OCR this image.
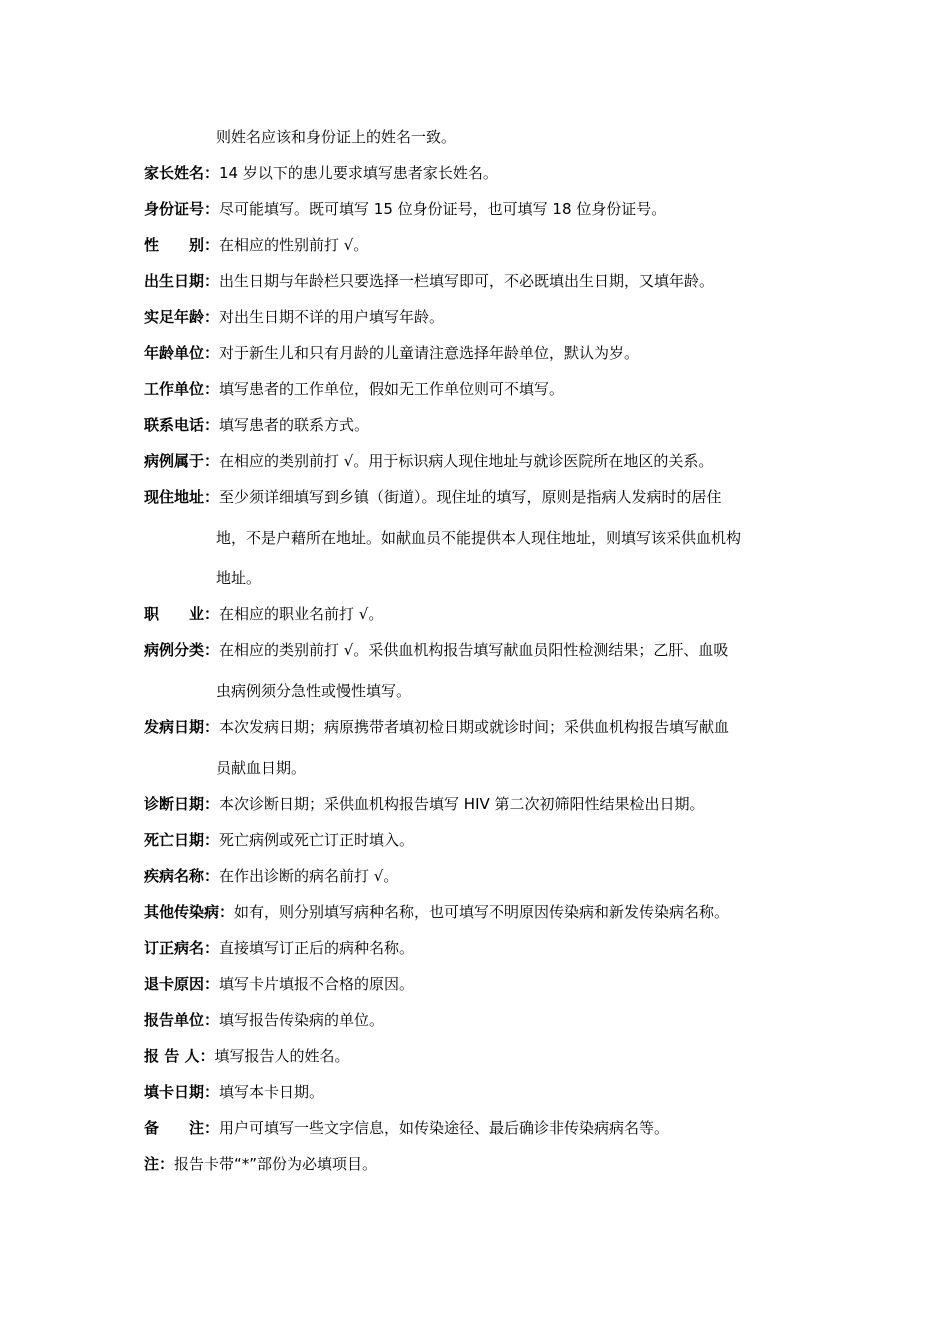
则姓名应该和身份证上的姓名一致。
家长姓名：14 岁以下的患儿要求填写患者家长姓名。
身份证号：尽可能填写。既可填写 15 位身份证号，也可填写 18 位身份证号。
性　　别：在相应的性别前打 √。
出生日期：出生日期与年龄栏只要选择一栏填写即可，不必既填出生日期，又填年龄。
实足年龄：对出生日期不详的用户填写年龄。
年龄单位：对于新生儿和只有月龄的儿童请注意选择年龄单位，默认为岁。
工作单位：填写患者的工作单位，假如无工作单位则可不填写。
联系电话：填写患者的联系方式。
病例属于：在相应的类别前打 √。用于标识病人现住地址与就诊医院所在地区的关系。
现住地址：至少须详细填写到乡镇（街道）。现住址的填写，原则是指病人发病时的居住
地，不是户藉所在地址。如献血员不能提供本人现住地址，则填写该采供血机构
地址。
职　　业：在相应的职业名前打 √。
病例分类：在相应的类别前打 √。采供血机构报告填写献血员阳性检测结果；乙肝、血吸
虫病例须分急性或慢性填写。
发病日期：本次发病日期；病原携带者填初检日期或就诊时间；采供血机构报告填写献血
员献血日期。
诊断日期：本次诊断日期；采供血机构报告填写 HIV 第二次初筛阳性结果检出日期。
死亡日期：死亡病例或死亡订正时填入。
疾病名称：在作出诊断的病名前打 √。
其他传染病：如有，则分别填写病种名称，也可填写不明原因传染病和新发传染病名称。
订正病名：直接填写订正后的病种名称。
退卡原因：填写卡片填报不合格的原因。
报告单位：填写报告传染病的单位。
报 告 人：填写报告人的姓名。
填卡日期：填写本卡日期。
备　　注：用户可填写一些文字信息，如传染途径、最后确诊非传染病病名等。
注：报告卡带“*”部份为必填项目。
